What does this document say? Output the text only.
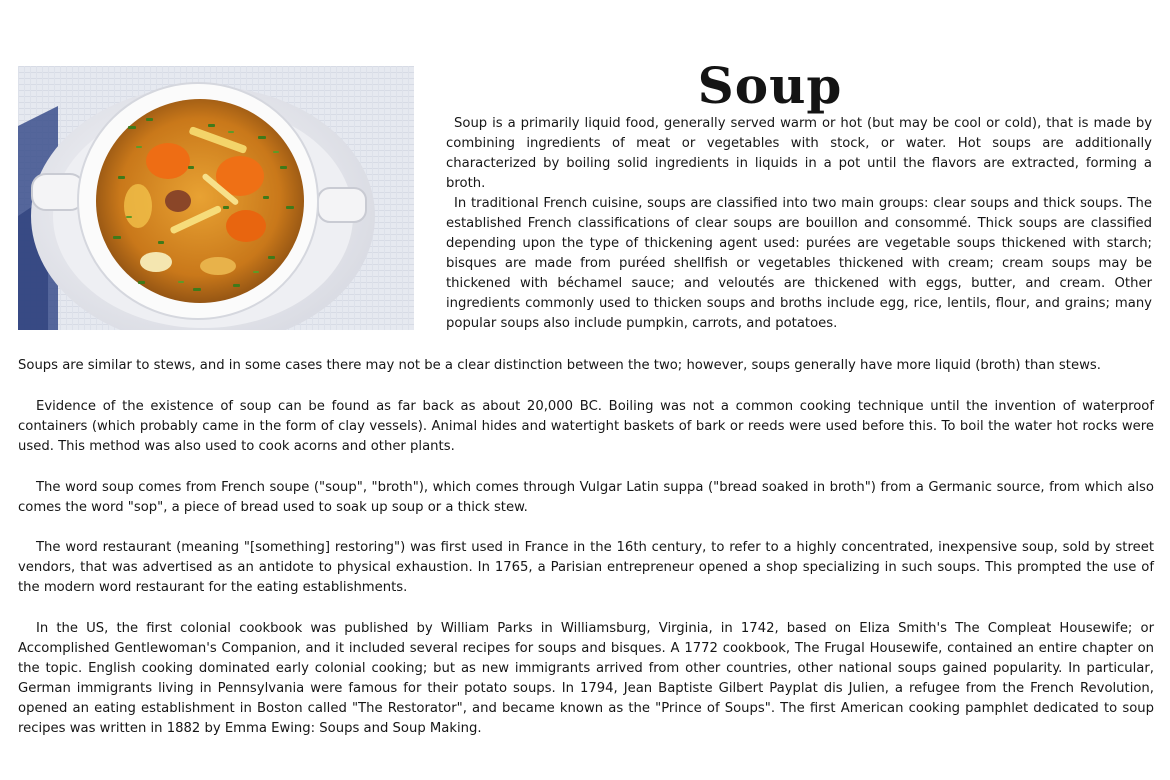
Soup

Soup is a primarily liquid food, generally served warm or hot (but may be cool or cold), that is made by combining ingredients of meat or vegetables with stock, or water. Hot soups are additionally characterized by boiling solid ingredients in liquids in a pot until the flavors are extracted, forming a broth.

In traditional French cuisine, soups are classified into two main groups: clear soups and thick soups. The established French classifications of clear soups are bouillon and consommé. Thick soups are classified depending upon the type of thickening agent used: purées are vegetable soups thickened with starch; bisques are made from puréed shellfish or vegetables thickened with cream; cream soups may be thickened with béchamel sauce; and veloutés are thickened with eggs, butter, and cream. Other ingredients commonly used to thicken soups and broths include egg, rice, lentils, flour, and grains; many popular soups also include pumpkin, carrots, and potatoes.

Soups are similar to stews, and in some cases there may not be a clear distinction between the two; however, soups generally have more liquid (broth) than stews.

Evidence of the existence of soup can be found as far back as about 20,000 BC. Boiling was not a common cooking technique until the invention of waterproof containers (which probably came in the form of clay vessels). Animal hides and watertight baskets of bark or reeds were used before this. To boil the water hot rocks were used. This method was also used to cook acorns and other plants.

The word soup comes from French soupe ("soup", "broth"), which comes through Vulgar Latin suppa ("bread soaked in broth") from a Germanic source, from which also comes the word "sop", a piece of bread used to soak up soup or a thick stew.

The word restaurant (meaning "[something] restoring") was first used in France in the 16th century, to refer to a highly concentrated, inexpensive soup, sold by street vendors, that was advertised as an antidote to physical exhaustion. In 1765, a Parisian entrepreneur opened a shop specializing in such soups. This prompted the use of the modern word restaurant for the eating establishments.

In the US, the first colonial cookbook was published by William Parks in Williamsburg, Virginia, in 1742, based on Eliza Smith's The Compleat Housewife; or Accomplished Gentlewoman's Companion, and it included several recipes for soups and bisques. A 1772 cookbook, The Frugal Housewife, contained an entire chapter on the topic. English cooking dominated early colonial cooking; but as new immigrants arrived from other countries, other national soups gained popularity. In particular, German immigrants living in Pennsylvania were famous for their potato soups. In 1794, Jean Baptiste Gilbert Payplat dis Julien, a refugee from the French Revolution, opened an eating establishment in Boston called "The Restorator", and became known as the "Prince of Soups". The first American cooking pamphlet dedicated to soup recipes was written in 1882 by Emma Ewing: Soups and Soup Making.
